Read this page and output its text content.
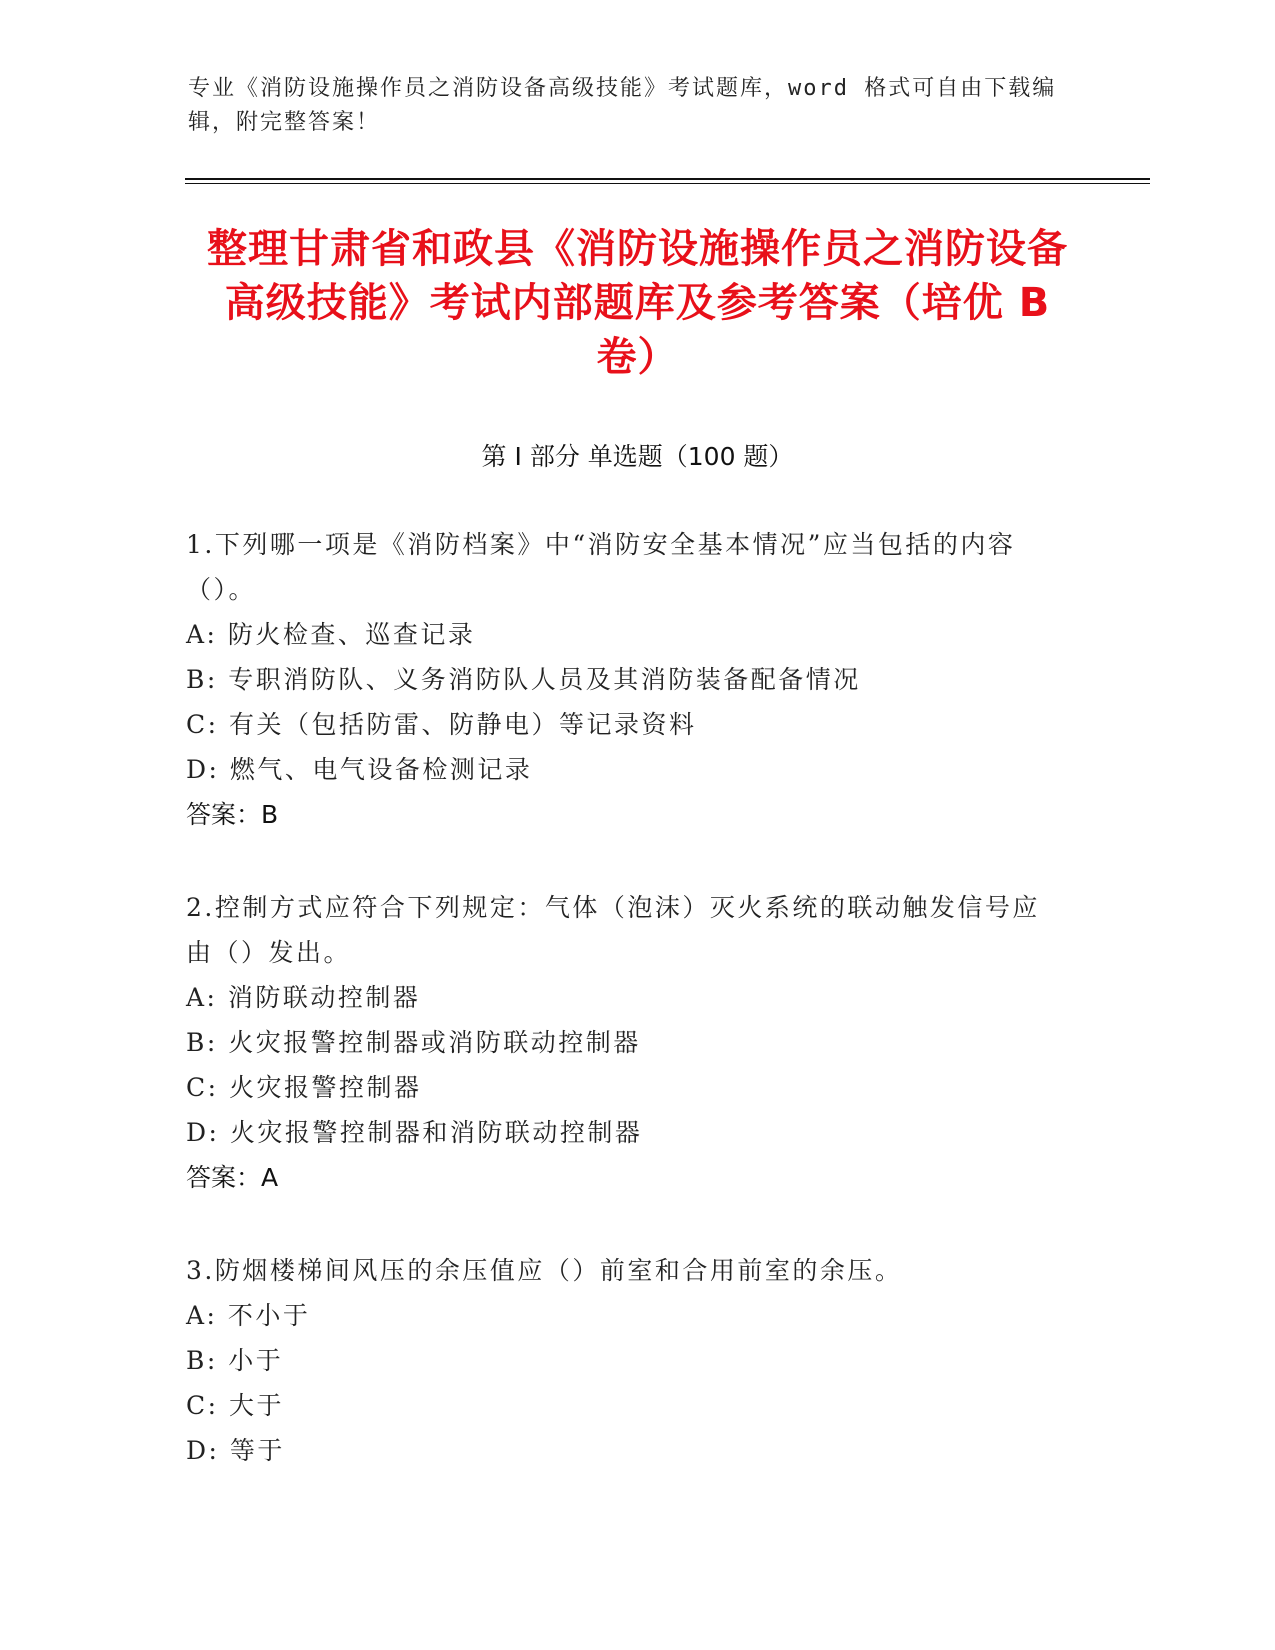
专业《消防设施操作员之消防设备高级技能》考试题库，word 格式可自由下载编辑，附完整答案！
整理甘肃省和政县《消防设施操作员之消防设备高级技能》考试内部题库及参考答案（培优 B 卷）
第 I 部分 单选题（100 题）
1.下列哪一项是《消防档案》中“消防安全基本情况”应当包括的内容（）。
A: 防火检查、巡查记录
B: 专职消防队、义务消防队人员及其消防装备配备情况
C: 有关（包括防雷、防静电）等记录资料
D: 燃气、电气设备检测记录
答案：B
2.控制方式应符合下列规定：气体（泡沫）灭火系统的联动触发信号应由（）发出。
A: 消防联动控制器
B: 火灾报警控制器或消防联动控制器
C: 火灾报警控制器
D: 火灾报警控制器和消防联动控制器
答案：A
3.防烟楼梯间风压的余压值应（）前室和合用前室的余压。
A: 不小于
B: 小于
C: 大于
D: 等于
